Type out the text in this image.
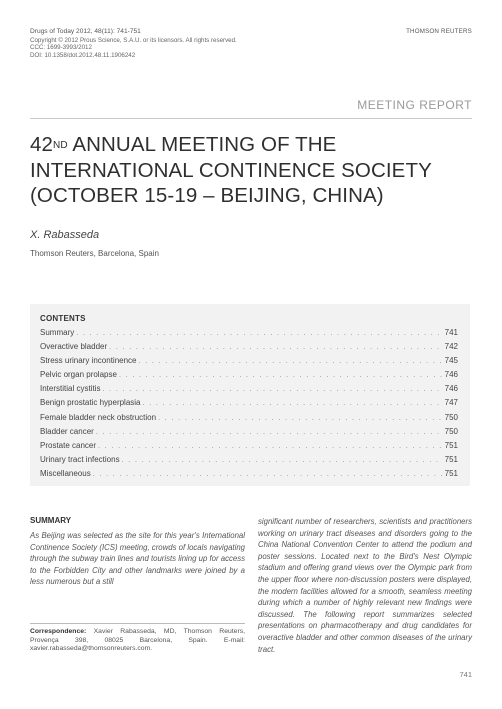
Drugs of Today 2012, 48(11): 741-751
Copyright © 2012 Prous Science, S.A.U. or its licensors. All rights reserved.
CCC: 1699-3993/2012
DOI: 10.1358/dot.2012.48.11.1906242
THOMSON REUTERS
MEETING REPORT
42ND ANNUAL MEETING OF THE INTERNATIONAL CONTINENCE SOCIETY (OCTOBER 15-19 – BEIJING, CHINA)
X. Rabasseda
Thomson Reuters, Barcelona, Spain
CONTENTS
Summary . . .	741
Overactive bladder . . .	742
Stress urinary incontinence . . .	745
Pelvic organ prolapse . . .	746
Interstitial cystitis . . .	746
Benign prostatic hyperplasia . . .	747
Female bladder neck obstruction . . .	750
Bladder cancer . . .	750
Prostate cancer . . .	751
Urinary tract infections . . .	751
Miscellaneous . . .	751
SUMMARY

As Beijing was selected as the site for this year's International Continence Society (ICS) meeting, crowds of locals navigating through the subway train lines and tourists lining up for access to the Forbidden City and other landmarks were joined by a less numerous but a still

significant number of researchers, scientists and practitioners working on urinary tract diseases and disorders going to the China National Convention Center to attend the podium and poster sessions. Located next to the Bird's Nest Olympic stadium and offering grand views over the Olympic park from the upper floor where non-discussion posters were displayed, the modern facilities allowed for a smooth, seamless meeting during which a number of highly relevant new findings were discussed. The following report summarizes selected presentations on pharmacotherapy and drug candidates for overactive bladder and other common diseases of the urinary tract.

Correspondence: Xavier Rabasseda, MD, Thomson Reuters, Provença 398, 08025 Barcelona, Spain. E-mail: xavier.rabasseda@thomsonreuters.com.
741
